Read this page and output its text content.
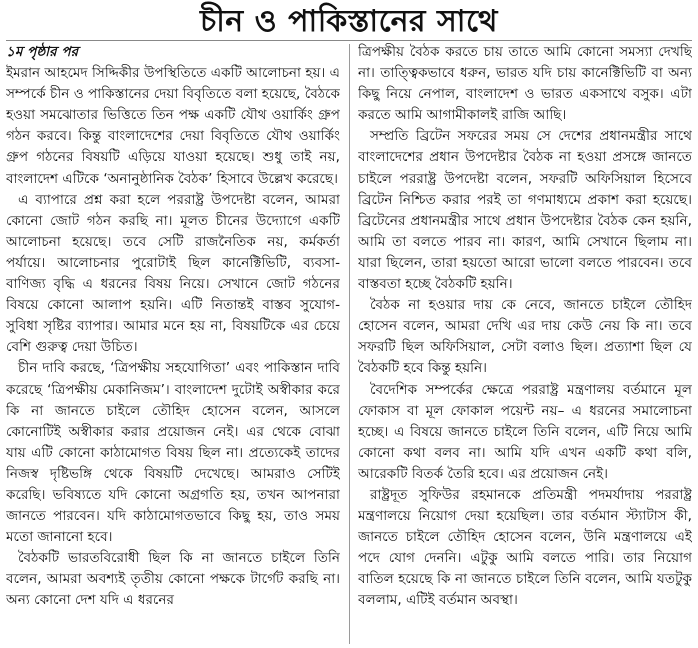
চীন ও পাকিস্তানের সাথে

১ম পৃষ্ঠার পর
ইমরান আহমেদ সিদ্দিকীর উপস্থিতিতে একটি আলোচনা হয়। এ সম্পর্কে চীন ও পাকিস্তানের দেয়া বিবৃতিতে বলা হয়েছে, বৈঠকে হওয়া সমঝোতার ভিত্তিতে তিন পক্ষ একটি যৌথ ওয়ার্কিং গ্রুপ গঠন করবে। কিন্তু বাংলাদেশের দেয়া বিবৃতিতে যৌথ ওয়ার্কিং গ্রুপ গঠনের বিষয়টি এড়িয়ে যাওয়া হয়েছে। শুধু তাই নয়, বাংলাদেশ এটিকে ‘অনানুষ্ঠানিক বৈঠক’ হিসাবে উল্লেখ করেছে।

এ ব্যাপারে প্রশ্ন করা হলে পররাষ্ট্র উপদেষ্টা বলেন, আমরা কোনো জোট গঠন করছি না। মূলত চীনের উদ্যোগে একটি আলোচনা হয়েছে। তবে সেটি রাজনৈতিক নয়, কর্মকর্তা পর্যায়ে। আলোচনার পুরোটাই ছিল কানেক্টিভিটি, ব্যবসা-বাণিজ্য বৃদ্ধি এ ধরনের বিষয় নিয়ে। সেখানে জোট গঠনের বিষয়ে কোনো আলাপ হয়নি। এটি নিতান্তই বাস্তব সুযোগ-সুবিধা সৃষ্টির ব্যাপার। আমার মনে হয় না, বিষয়টিকে এর চেয়ে বেশি গুরুত্ব দেয়া উচিত।

চীন দাবি করছে, ‘ত্রিপক্ষীয় সহযোগিতা’ এবং পাকিস্তান দাবি করেছে ‘ত্রিপক্ষীয় মেকানিজম’। বাংলাদেশ দুটোই অস্বীকার করে কি না জানতে চাইলে তৌহিদ হোসেন বলেন, আসলে কোনোটিই অস্বীকার করার প্রয়োজন নেই। এর থেকে বোঝা যায় এটি কোনো কাঠামোগত বিষয় ছিল না। প্রত্যেকেই তাদের নিজস্ব দৃষ্টিভঙ্গি থেকে বিষয়টি দেখেছে। আমরাও সেটিই করেছি। ভবিষ্যতে যদি কোনো অগ্রগতি হয়, তখন আপনারা জানতে পারবেন। যদি কাঠামোগতভাবে কিছু হয়, তাও সময় মতো জানানো হবে।

বৈঠকটি ভারতবিরোধী ছিল কি না জানতে চাইলে তিনি বলেন, আমরা অবশ্যই তৃতীয় কোনো পক্ষকে টার্গেট করছি না। অন্য কোনো দেশ যদি এ ধরনের

ত্রিপক্ষীয় বৈঠক করতে চায় তাতে আমি কোনো সমস্যা দেখছি না। তাত্ত্বিকভাবে ধরুন, ভারত যদি চায় কানেক্টিভিটি বা অন্য কিছু নিয়ে নেপাল, বাংলাদেশ ও ভারত একসাথে বসুক। এটা করতে আমি আগামীকালই রাজি আছি।

সম্প্রতি ব্রিটেন সফরের সময় সে দেশের প্রধানমন্ত্রীর সাথে বাংলাদেশের প্রধান উপদেষ্টার বৈঠক না হওয়া প্রসঙ্গে জানতে চাইলে পররাষ্ট্র উপদেষ্টা বলেন, সফরটি অফিসিয়াল হিসেবে ব্রিটেন নিশ্চিত করার পরই তা গণমাধ্যমে প্রকাশ করা হয়েছে। ব্রিটেনের প্রধানমন্ত্রীর সাথে প্রধান উপদেষ্টার বৈঠক কেন হয়নি, আমি তা বলতে পারব না। কারণ, আমি সেখানে ছিলাম না। যারা ছিলেন, তারা হয়তো আরো ভালো বলতে পারবেন। তবে বাস্তবতা হচ্ছে বৈঠকটি হয়নি।

বৈঠক না হওয়ার দায় কে নেবে, জানতে চাইলে তৌহিদ হোসেন বলেন, আমরা দেখি এর দায় কেউ নেয় কি না। তবে সফরটি ছিল অফিসিয়াল, সেটা বলাও ছিল। প্রত্যাশা ছিল যে বৈঠকটি হবে কিন্তু হয়নি।

বৈদেশিক সম্পর্কের ক্ষেত্রে পররাষ্ট্র মন্ত্রণালয় বর্তমানে মূল ফোকাস বা মূল ফোকাল পয়েন্ট নয়– এ ধরনের সমালোচনা হচ্ছে। এ বিষয়ে জানতে চাইলে তিনি বলেন, এটি নিয়ে আমি কোনো কথা বলব না। আমি যদি এখন একটি কথা বলি, আরেকটি বিতর্ক তৈরি হবে। এর প্রয়োজন নেই।

রাষ্ট্রদূত সুফিউর রহমানকে প্রতিমন্ত্রী পদমর্যাদায় পররাষ্ট্র মন্ত্রণালয়ে নিয়োগ দেয়া হয়েছিল। তার বর্তমান স্ট্যাটাস কী, জানতে চাইলে তৌহিদ হোসেন বলেন, উনি মন্ত্রণালয়ে এই পদে যোগ দেননি। এটুকু আমি বলতে পারি। তার নিয়োগ বাতিল হয়েছে কি না জানতে চাইলে তিনি বলেন, আমি যতটুকু বললাম, এটিই বর্তমান অবস্থা।
